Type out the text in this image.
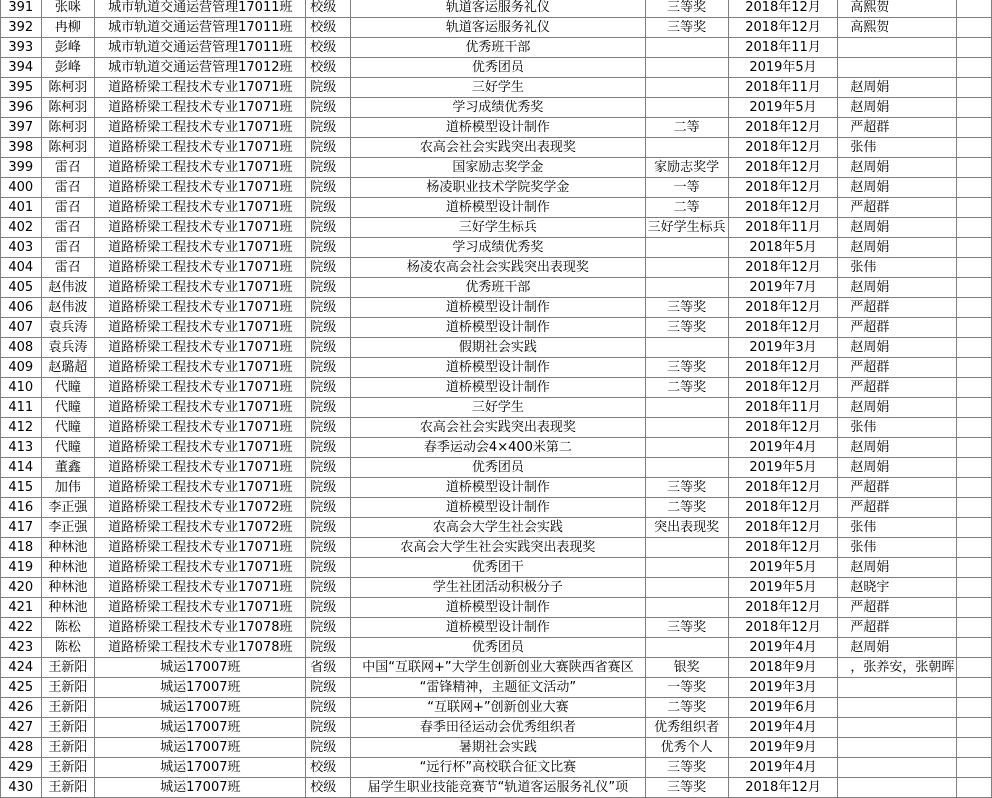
391	张咪	城市轨道交通运营管理17011班	校级	轨道客运服务礼仪	三等奖	2018年12月	高熙贺	
392	冉柳	城市轨道交通运营管理17011班	校级	轨道客运服务礼仪	三等奖	2018年12月	高熙贺	
393	彭峰	城市轨道交通运营管理17011班	校级	优秀班干部		2018年11月		
394	彭峰	城市轨道交通运营管理17012班	校级	优秀团员		2019年5月		
395	陈柯羽	道路桥梁工程技术专业17071班	院级	三好学生		2018年11月	赵周娟	
396	陈柯羽	道路桥梁工程技术专业17071班	院级	学习成绩优秀奖		2019年5月	赵周娟	
397	陈柯羽	道路桥梁工程技术专业17071班	院级	道桥模型设计制作	二等	2018年12月	严超群	
398	陈柯羽	道路桥梁工程技术专业17071班	院级	农高会社会实践突出表现奖		2018年12月	张伟	
399	雷召	道路桥梁工程技术专业17071班	院级	国家励志奖学金	家励志奖学	2018年12月	赵周娟	
400	雷召	道路桥梁工程技术专业17071班	院级	杨凌职业技术学院奖学金	一等	2018年12月	赵周娟	
401	雷召	道路桥梁工程技术专业17071班	院级	道桥模型设计制作	二等	2018年12月	严超群	
402	雷召	道路桥梁工程技术专业17071班	院级	三好学生标兵	三好学生标兵	2018年11月	赵周娟	
403	雷召	道路桥梁工程技术专业17071班	院级	学习成绩优秀奖		2018年5月	赵周娟	
404	雷召	道路桥梁工程技术专业17071班	院级	杨凌农高会社会实践突出表现奖		2018年12月	张伟	
405	赵伟波	道路桥梁工程技术专业17071班	院级	优秀班干部		2019年7月	赵周娟	
406	赵伟波	道路桥梁工程技术专业17071班	院级	道桥模型设计制作	三等奖	2018年12月	严超群	
407	袁兵涛	道路桥梁工程技术专业17071班	院级	道桥模型设计制作	三等奖	2018年12月	严超群	
408	袁兵涛	道路桥梁工程技术专业17071班	院级	假期社会实践		2019年3月	赵周娟	
409	赵璐超	道路桥梁工程技术专业17071班	院级	道桥模型设计制作	三等奖	2018年12月	严超群	
410	代瞳	道路桥梁工程技术专业17071班	院级	道桥模型设计制作	二等奖	2018年12月	严超群	
411	代瞳	道路桥梁工程技术专业17071班	院级	三好学生		2018年11月	赵周娟	
412	代瞳	道路桥梁工程技术专业17071班	院级	农高会社会实践突出表现奖		2018年12月	张伟	
413	代瞳	道路桥梁工程技术专业17071班	院级	春季运动会4×400米第二		2019年4月	赵周娟	
414	董鑫	道路桥梁工程技术专业17071班	院级	优秀团员		2019年5月	赵周娟	
415	加伟	道路桥梁工程技术专业17071班	院级	道桥模型设计制作	三等奖	2018年12月	严超群	
416	李正强	道路桥梁工程技术专业17072班	院级	道桥模型设计制作	二等奖	2018年12月	严超群	
417	李正强	道路桥梁工程技术专业17072班	院级	农高会大学生社会实践	突出表现奖	2018年12月	张伟	
418	种林池	道路桥梁工程技术专业17071班	院级	农高会大学生社会实践突出表现奖		2018年12月	张伟	
419	种林池	道路桥梁工程技术专业17071班	院级	优秀团干		2019年5月	赵周娟	
420	种林池	道路桥梁工程技术专业17071班	院级	学生社团活动积极分子		2019年5月	赵晓宇	
421	种林池	道路桥梁工程技术专业17071班	院级	道桥模型设计制作		2018年12月	严超群	
422	陈松	道路桥梁工程技术专业17078班	院级	道桥模型设计制作	三等奖	2018年12月	严超群	
423	陈松	道路桥梁工程技术专业17078班	院级	优秀团员		2019年4月	赵周娟	
424	王新阳	城运17007班	省级	中国“互联网+”大学生创新创业大赛陕西省赛区	银奖	2018年9月	，张养安，张朝晖	
425	王新阳	城运17007班	院级	“雷锋精神，主题征文活动”	一等奖	2019年3月		
426	王新阳	城运17007班	院级	“互联网+”创新创业大赛	二等奖	2019年6月		
427	王新阳	城运17007班	院级	春季田径运动会优秀组织者	优秀组织者	2019年4月		
428	王新阳	城运17007班	院级	暑期社会实践	优秀个人	2019年9月		
429	王新阳	城运17007班	校级	“远行杯”高校联合征文比赛	三等奖	2019年4月		
430	王新阳	城运17007班	校级	届学生职业技能竞赛节“轨道客运服务礼仪”项	三等奖	2018年12月		
